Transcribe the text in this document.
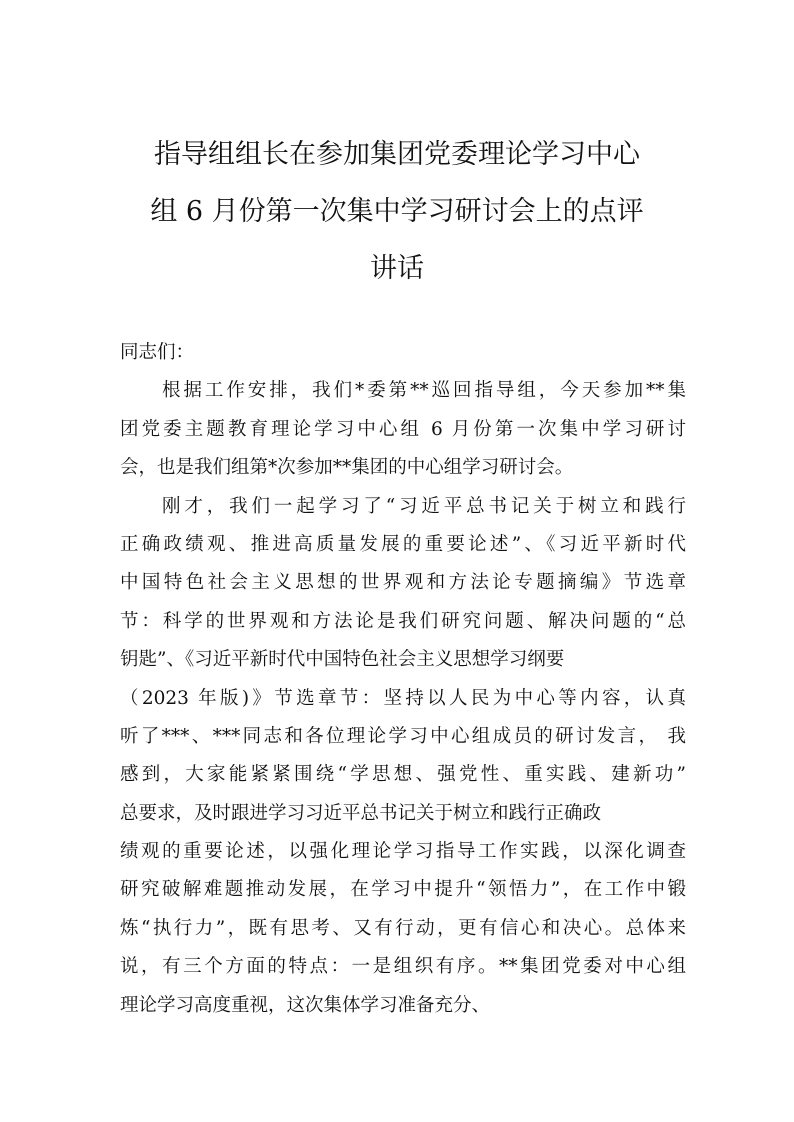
指导组组长在参加集团党委理论学习中心
组 6 月份第一次集中学习研讨会上的点评
讲话
同志们：
根据工作安排，我们*委第**巡回指导组，今天参加**集
团党委主题教育理论学习中心组 6 月份第一次集中学习研讨
会，也是我们组第*次参加**集团的中心组学习研讨会。
刚才，我们一起学习了“习近平总书记关于树立和践行
正确政绩观、推进高质量发展的重要论述”、《习近平新时代
中国特色社会主义思想的世界观和方法论专题摘编》节选章
节：科学的世界观和方法论是我们研究问题、解决问题的“总
钥匙”、《习近平新时代中国特色社会主义思想学习纲要
（2023 年版)》节选章节：坚持以人民为中心等内容，认真
听了***、***同志和各位理论学习中心组成员的研讨发言， 我
感到，大家能紧紧围绕“学思想、强党性、重实践、建新功”
总要求，及时跟进学习习近平总书记关于树立和践行正确政
绩观的重要论述，以强化理论学习指导工作实践，以深化调查
研究破解难题推动发展，在学习中提升“领悟力”，在工作中锻
炼“执行力”，既有思考、又有行动，更有信心和决心。总体来
说，有三个方面的特点：一是组织有序。**集团党委对中心组
理论学习高度重视，这次集体学习准备充分、
